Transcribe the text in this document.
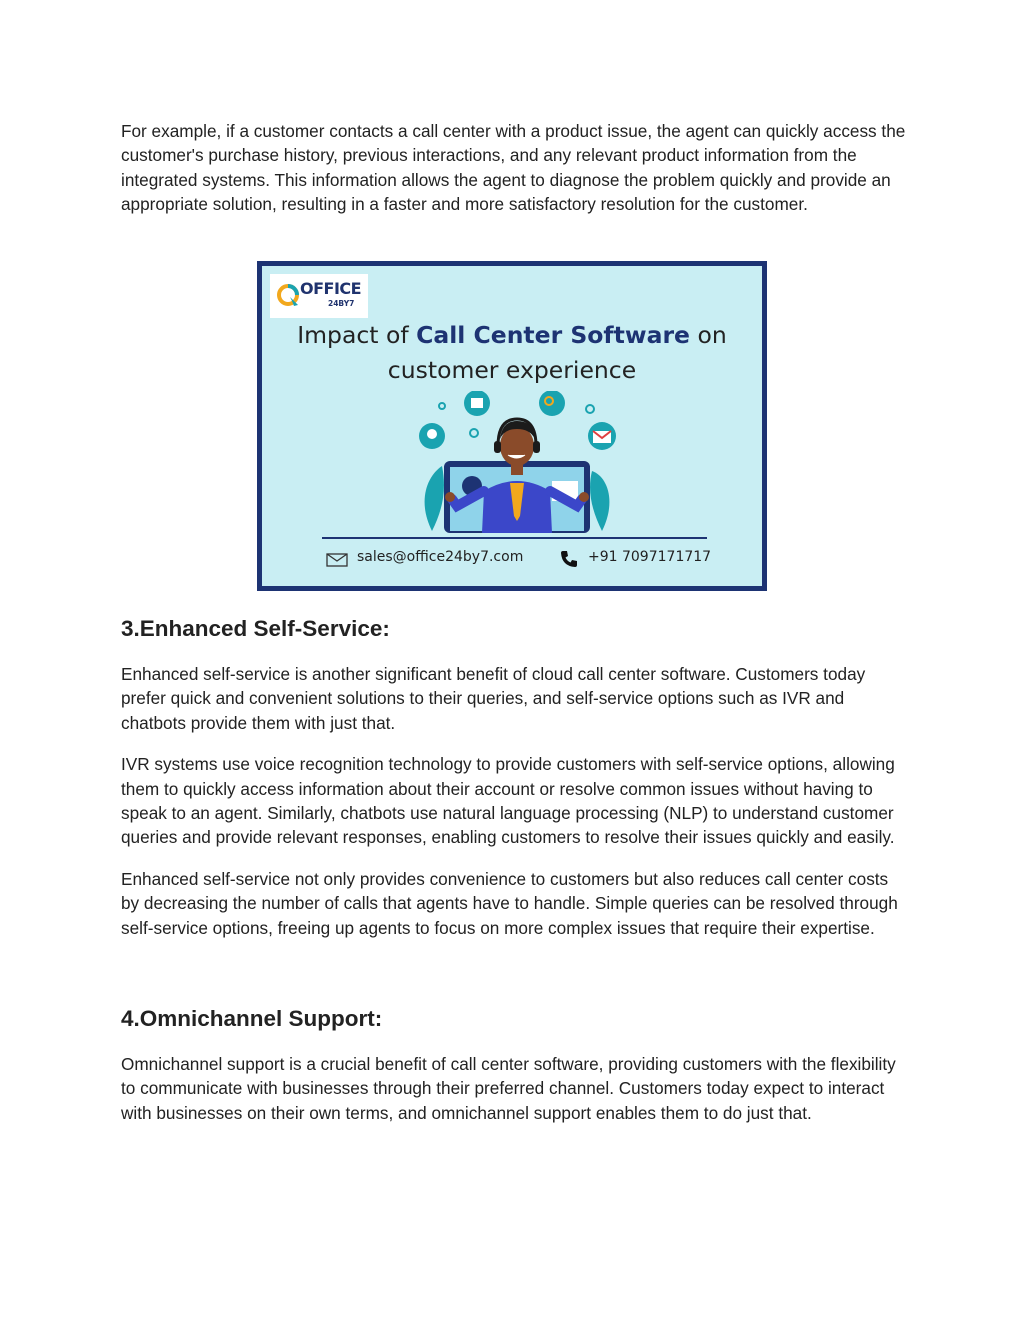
For example, if a customer contacts a call center with a product issue, the agent can quickly access the customer's purchase history, previous interactions, and any relevant product information from the integrated systems. This information allows the agent to diagnose the problem quickly and provide an appropriate solution, resulting in a faster and more satisfactory resolution for the customer.

OFFICE
24BY7
Impact of Call Center Software on
customer experience
sales@office24by7.com	+91 7097171717
3.Enhanced Self-Service:

Enhanced self-service is another significant benefit of cloud call center software. Customers today prefer quick and convenient solutions to their queries, and self-service options such as IVR and chatbots provide them with just that.

IVR systems use voice recognition technology to provide customers with self-service options, allowing them to quickly access information about their account or resolve common issues without having to speak to an agent. Similarly, chatbots use natural language processing (NLP) to understand customer queries and provide relevant responses, enabling customers to resolve their issues quickly and easily.

Enhanced self-service not only provides convenience to customers but also reduces call center costs by decreasing the number of calls that agents have to handle. Simple queries can be resolved through self-service options, freeing up agents to focus on more complex issues that require their expertise.

4.Omnichannel Support:

Omnichannel support is a crucial benefit of call center software, providing customers with the flexibility to communicate with businesses through their preferred channel. Customers today expect to interact with businesses on their own terms, and omnichannel support enables them to do just that.
